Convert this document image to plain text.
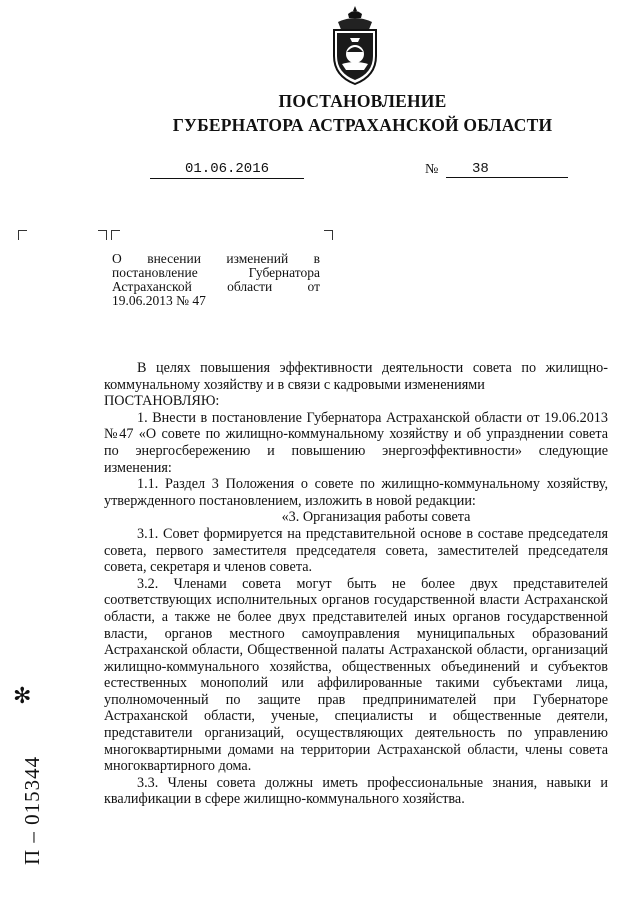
ПОСТАНОВЛЕНИЕ
ГУБЕРНАТОРА АСТРАХАНСКОЙ ОБЛАСТИ
01.06.2016	№	38
О внесении изменений в постановление Губернатора Астраханской области от 19.06.2013 № 47

В целях повышения эффективности деятельности совета по жилищно-коммунальному хозяйству и в связи с кадровыми изменениями

ПОСТАНОВЛЯЮ:

1. Внести в постановление Губернатора Астраханской области от 19.06.2013 №47 «О совете по жилищно-коммунальному хозяйству и об упразднении совета по энергосбережению и повышению энергоэффективности» следующие изменения:

1.1. Раздел 3 Положения о совете по жилищно-коммунальному хозяйству, утвержденного постановлением, изложить в новой редакции:

«3. Организация работы совета

3.1. Совет формируется на представительной основе в составе председателя совета, первого заместителя председателя совета, заместителей председателя совета, секретаря и членов совета.

3.2. Членами совета могут быть не более двух представителей соответствующих исполнительных органов государственной власти Астраханской области, а также не более двух представителей иных органов государственной власти, органов местного самоуправления муниципальных образований Астраханской области, Общественной палаты Астраханской области, организаций жилищно-коммунального хозяйства, общественных объединений и субъектов естественных монополий или аффилированные такими субъектами лица, уполномоченный по защите прав предпринимателей при Губернаторе Астраханской области, ученые, специалисты и общественные деятели, представители организаций, осуществляющих деятельность по управлению многоквартирными домами на территории Астраханской области, члены совета многоквартирного дома.

3.3. Члены совета должны иметь профессиональные знания, навыки и квалификации в сфере жилищно-коммунального хозяйства.

✻
П – 015344
